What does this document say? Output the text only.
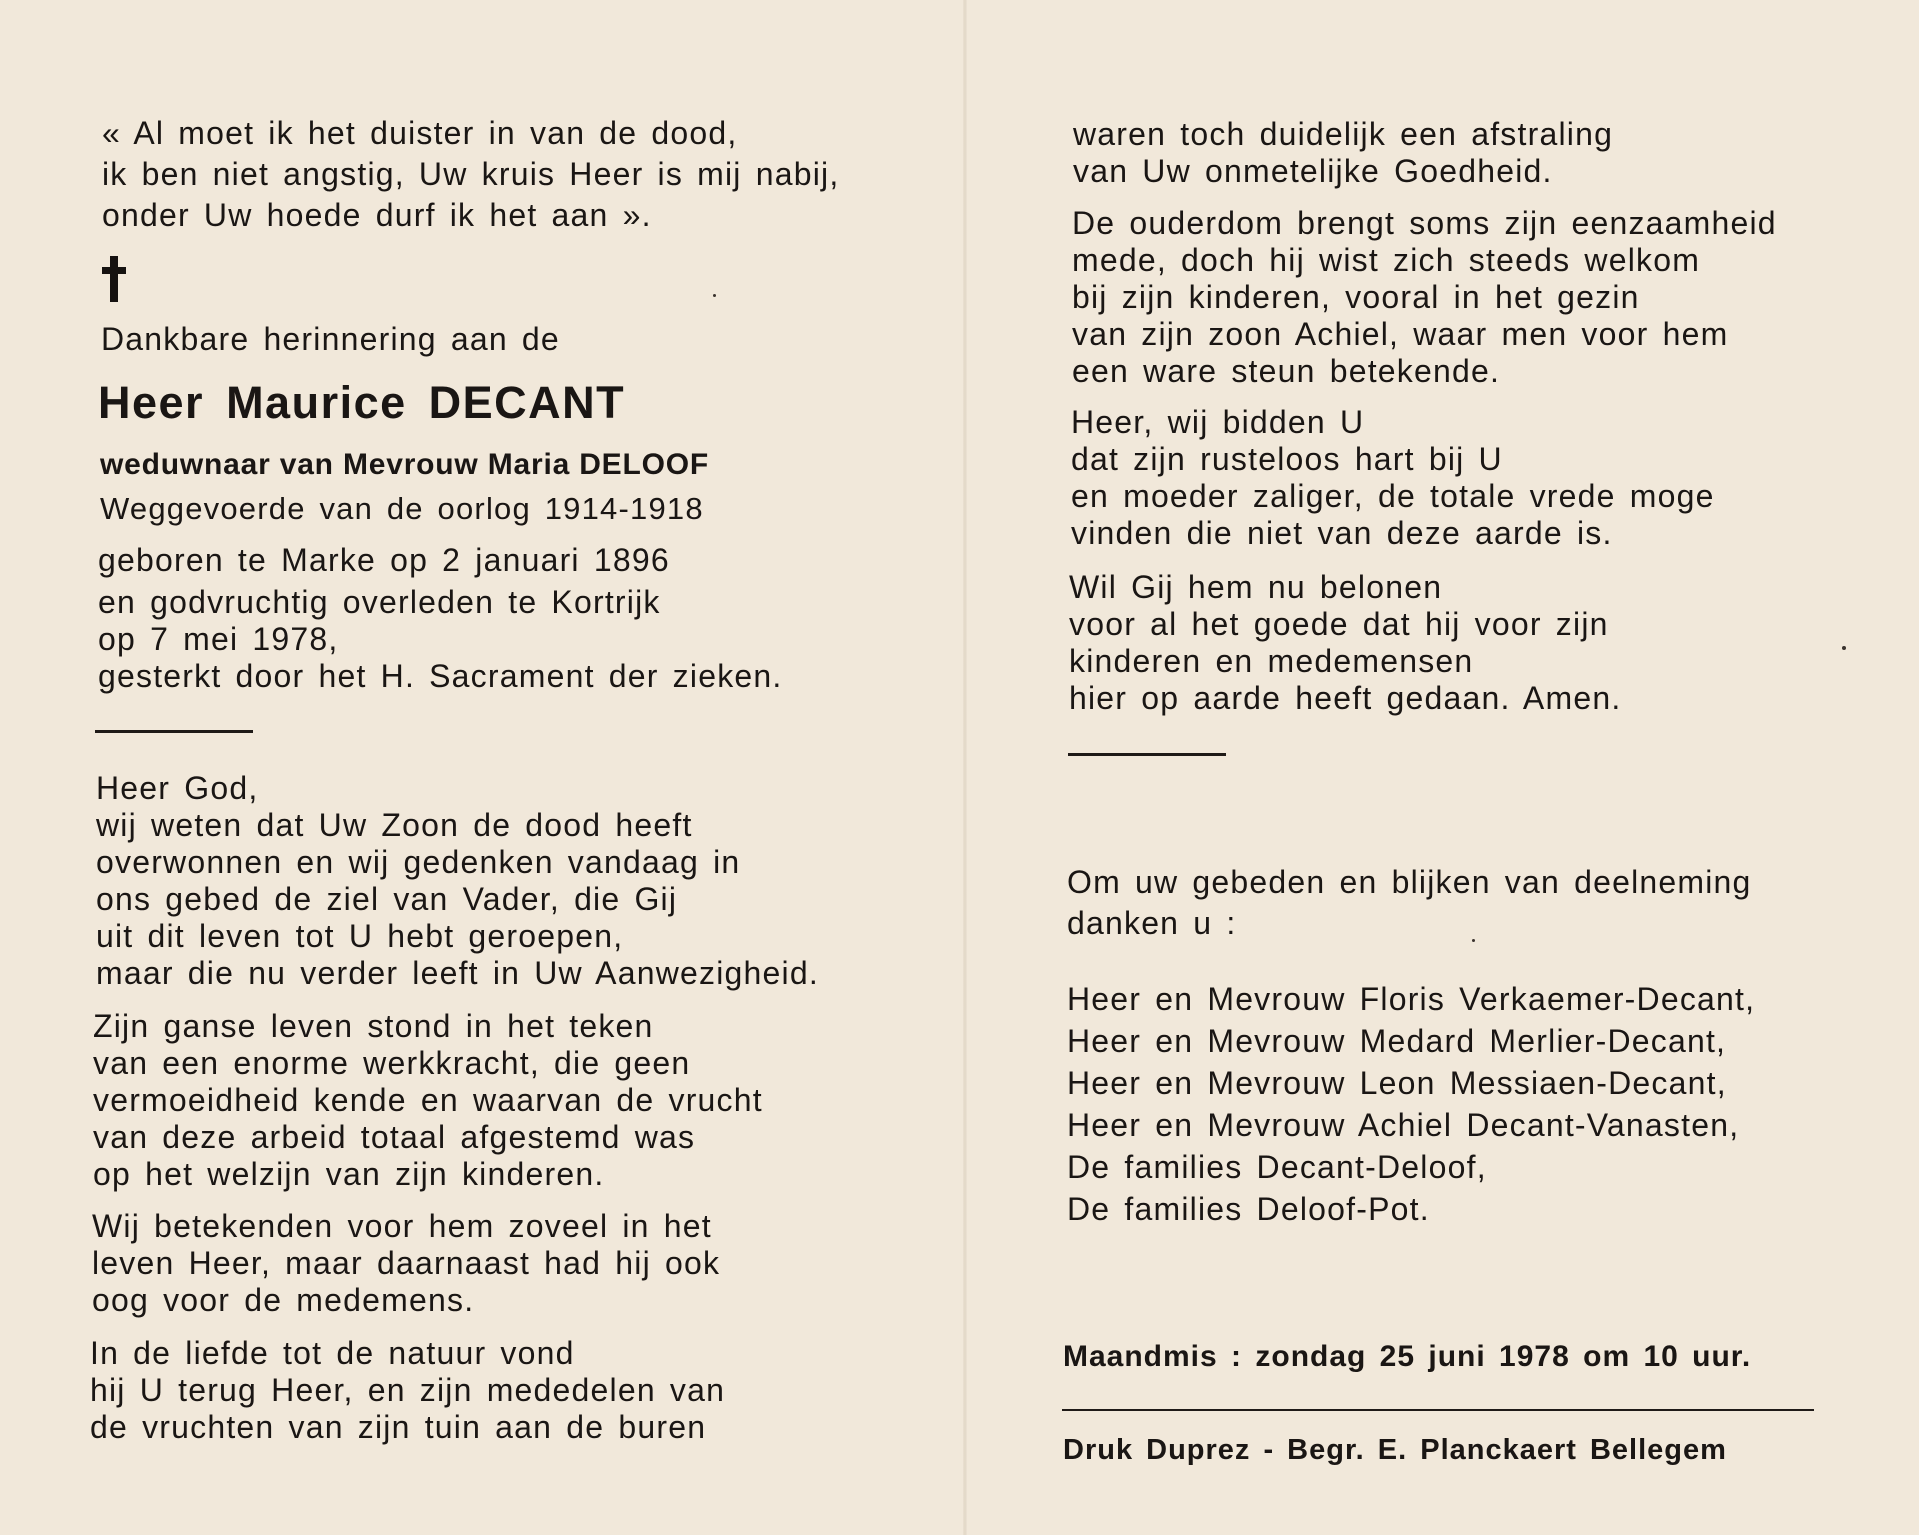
« Al moet ik het duister in van de dood,
ik ben niet angstig, Uw kruis Heer is mij nabij,
onder Uw hoede durf ik het aan ».
Dankbare herinnering aan de
Heer Maurice DECANT
weduwnaar van Mevrouw Maria DELOOF
Weggevoerde van de oorlog 1914-1918
geboren te Marke op 2 januari 1896
en godvruchtig overleden te Kortrijk
op 7 mei 1978,
gesterkt door het H. Sacrament der zieken.
Heer God,
wij weten dat Uw Zoon de dood heeft
overwonnen en wij gedenken vandaag in
ons gebed de ziel van Vader, die Gij
uit dit leven tot U hebt geroepen,
maar die nu verder leeft in Uw Aanwezigheid.
Zijn ganse leven stond in het teken
van een enorme werkkracht, die geen
vermoeidheid kende en waarvan de vrucht
van deze arbeid totaal afgestemd was
op het welzijn van zijn kinderen.
Wij betekenden voor hem zoveel in het
leven Heer, maar daarnaast had hij ook
oog voor de medemens.
In de liefde tot de natuur vond
hij U terug Heer, en zijn mededelen van
de vruchten van zijn tuin aan de buren
waren toch duidelijk een afstraling
van Uw onmetelijke Goedheid.
De ouderdom brengt soms zijn eenzaamheid
mede, doch hij wist zich steeds welkom
bij zijn kinderen, vooral in het gezin
van zijn zoon Achiel, waar men voor hem
een ware steun betekende.
Heer, wij bidden U
dat zijn rusteloos hart bij U
en moeder zaliger, de totale vrede moge
vinden die niet van deze aarde is.
Wil Gij hem nu belonen
voor al het goede dat hij voor zijn
kinderen en medemensen
hier op aarde heeft gedaan. Amen.
Om uw gebeden en blijken van deelneming
danken u :
Heer en Mevrouw Floris Verkaemer-Decant,
Heer en Mevrouw Medard Merlier-Decant,
Heer en Mevrouw Leon Messiaen-Decant,
Heer en Mevrouw Achiel Decant-Vanasten,
De families Decant-Deloof,
De families Deloof-Pot.
Maandmis : zondag 25 juni 1978 om 10 uur.
Druk Duprez - Begr. E. Planckaert Bellegem
